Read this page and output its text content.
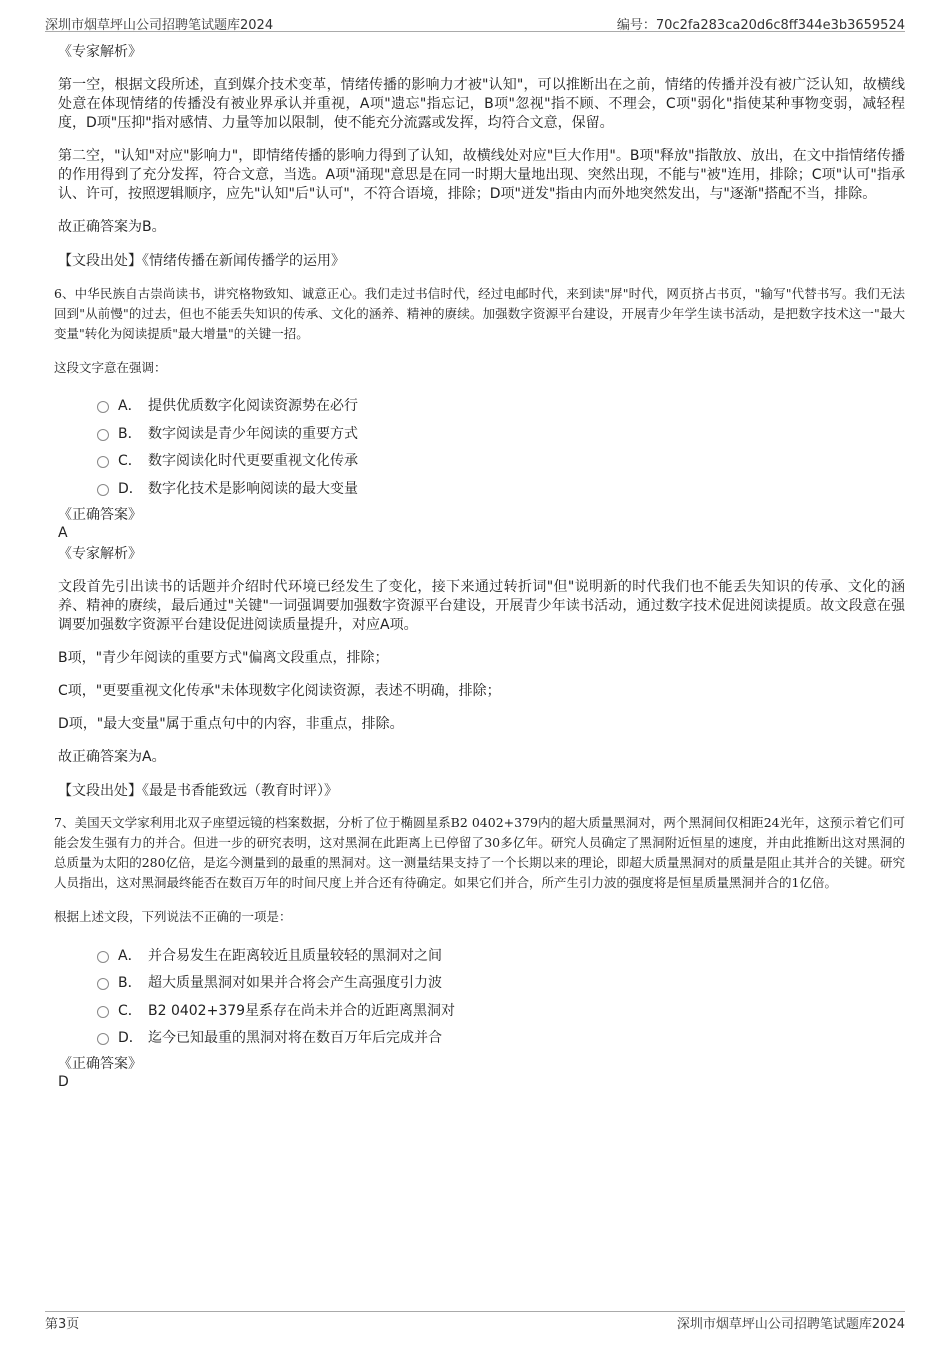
深圳市烟草坪山公司招聘笔试题库2024	编号：70c2fa283ca20d6c8ff344e3b3659524
《专家解析》

第一空，根据文段所述，直到媒介技术变革，情绪传播的影响力才被"认知"，可以推断出在之前，情绪的传播并没有被广泛认知，故横线处意在体现情绪的传播没有被业界承认并重视，A项"遗忘"指忘记，B项"忽视"指不顾、不理会，C项"弱化"指使某种事物变弱，减轻程度，D项"压抑"指对感情、力量等加以限制，使不能充分流露或发挥，均符合文意，保留。

第二空，"认知"对应"影响力"，即情绪传播的影响力得到了认知，故横线处对应"巨大作用"。B项"释放"指散放、放出，在文中指情绪传播的作用得到了充分发挥，符合文意，当选。A项"涌现"意思是在同一时期大量地出现、突然出现，不能与"被"连用，排除；C项"认可"指承认、许可，按照逻辑顺序，应先"认知"后"认可"，不符合语境，排除；D项"迸发"指由内而外地突然发出，与"逐渐"搭配不当，排除。

故正确答案为B。

【文段出处】《情绪传播在新闻传播学的运用》

6、中华民族自古崇尚读书，讲究格物致知、诚意正心。我们走过书信时代，经过电邮时代，来到读"屏"时代，网页挤占书页，"输写"代替书写。我们无法回到"从前慢"的过去，但也不能丢失知识的传承、文化的涵养、精神的赓续。加强数字资源平台建设，开展青少年学生读书活动，是把数字技术这一"最大变量"转化为阅读提质"最大增量"的关键一招。

这段文字意在强调：

A． 提供优质数字化阅读资源势在必行
B． 数字阅读是青少年阅读的重要方式
C． 数字阅读化时代更要重视文化传承
D． 数字化技术是影响阅读的最大变量
《正确答案》
A
《专家解析》

文段首先引出读书的话题并介绍时代环境已经发生了变化，接下来通过转折词"但"说明新的时代我们也不能丢失知识的传承、文化的涵养、精神的赓续，最后通过"关键"一词强调要加强数字资源平台建设，开展青少年读书活动，通过数字技术促进阅读提质。故文段意在强调要加强数字资源平台建设促进阅读质量提升，对应A项。

B项，"青少年阅读的重要方式"偏离文段重点，排除；

C项，"更要重视文化传承"未体现数字化阅读资源，表述不明确，排除；

D项，"最大变量"属于重点句中的内容，非重点，排除。

故正确答案为A。

【文段出处】《最是书香能致远（教育时评）》

7、美国天文学家利用北双子座望远镜的档案数据，分析了位于椭圆星系B2 0402+379内的超大质量黑洞对，两个黑洞间仅相距24光年，这预示着它们可能会发生强有力的并合。但进一步的研究表明，这对黑洞在此距离上已停留了30多亿年。研究人员确定了黑洞附近恒星的速度，并由此推断出这对黑洞的总质量为太阳的280亿倍，是迄今测量到的最重的黑洞对。这一测量结果支持了一个长期以来的理论，即超大质量黑洞对的质量是阻止其并合的关键。研究人员指出，这对黑洞最终能否在数百万年的时间尺度上并合还有待确定。如果它们并合，所产生引力波的强度将是恒星质量黑洞并合的1亿倍。

根据上述文段，下列说法不正确的一项是：

A． 并合易发生在距离较近且质量较轻的黑洞对之间
B． 超大质量黑洞对如果并合将会产生高强度引力波
C． B2 0402+379星系存在尚未并合的近距离黑洞对
D． 迄今已知最重的黑洞对将在数百万年后完成并合
《正确答案》
D
第3页	深圳市烟草坪山公司招聘笔试题库2024
